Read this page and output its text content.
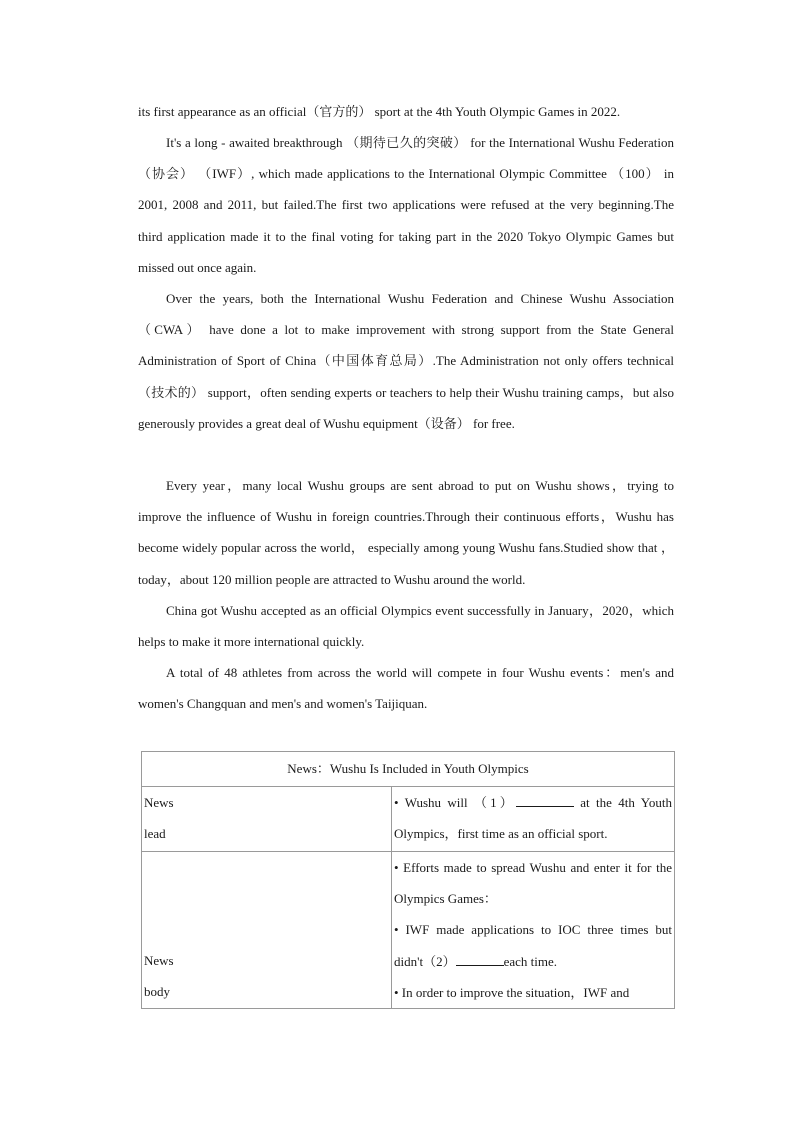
its first appearance as an official（官方的） sport at the 4th Youth Olympic Games in 2022.

It's a long - awaited breakthrough （期待已久的突破） for the International Wushu Federation（协会） （IWF）, which made applications to the International Olympic Committee （100） in 2001, 2008 and 2011, but failed.The first two applications were refused at the very beginning.The third application made it to the final voting for taking part in the 2020 Tokyo Olympic Games but missed out once again.

Over the years, both the International Wushu Federation and Chinese Wushu Association（CWA） have done a lot to make improvement with strong support from the State General Administration of Sport of China（中国体育总局）.The Administration not only offers technical （技术的） support，often sending experts or teachers to help their Wushu training camps，but also generously provides a great deal of Wushu equipment（设备） for free.

Every year，many local Wushu groups are sent abroad to put on Wushu shows，trying to improve the influence of Wushu in foreign countries.Through their continuous efforts，Wushu has become widely popular across the world， especially among young Wushu fans.Studied show that ，today，about 120 million people are attracted to Wushu around the world.

China got Wushu accepted as an official Olympics event successfully in January，2020，which helps to make it more international quickly.

A total of 48 athletes from across the world will compete in four Wushu events：men's and women's Changquan and men's and women's Taijiquan.

News：Wushu Is Included in Youth Olympics	

News
lead	• Wushu will （1） at the 4th Youth Olympics，first time as an official sport.

News
body	• Efforts made to spread Wushu and enter it for the Olympics Games：
• IWF made applications to IOC three times but didn't（2） each time.
• In order to improve the situation，IWF and
